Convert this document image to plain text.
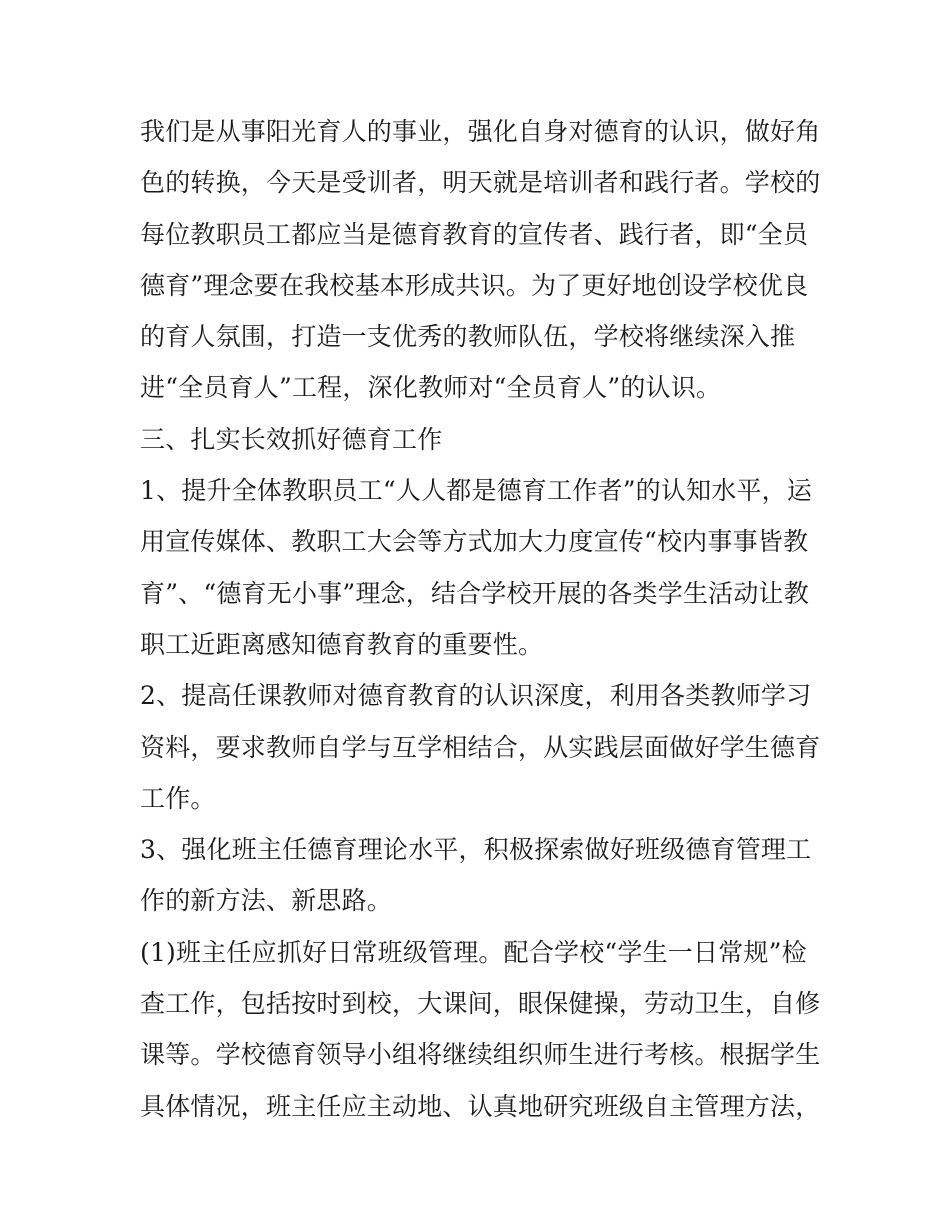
我们是从事阳光育人的事业，强化自身对德育的认识，做好角
色的转换，今天是受训者，明天就是培训者和践行者。学校的
每位教职员工都应当是德育教育的宣传者、践行者，即“全员
德育”理念要在我校基本形成共识。为了更好地创设学校优良
的育人氛围，打造一支优秀的教师队伍，学校将继续深入推
进“全员育人”工程，深化教师对“全员育人”的认识。
三、扎实长效抓好德育工作
1、提升全体教职员工“人人都是德育工作者”的认知水平，运
用宣传媒体、教职工大会等方式加大力度宣传“校内事事皆教
育”、“德育无小事”理念，结合学校开展的各类学生活动让教
职工近距离感知德育教育的重要性。
2、提高任课教师对德育教育的认识深度，利用各类教师学习
资料，要求教师自学与互学相结合，从实践层面做好学生德育
工作。
3、强化班主任德育理论水平，积极探索做好班级德育管理工
作的新方法、新思路。
(1)班主任应抓好日常班级管理。配合学校“学生一日常规”检
查工作，包括按时到校，大课间，眼保健操，劳动卫生，自修
课等。学校德育领导小组将继续组织师生进行考核。根据学生
具体情况，班主任应主动地、认真地研究班级自主管理方法，
